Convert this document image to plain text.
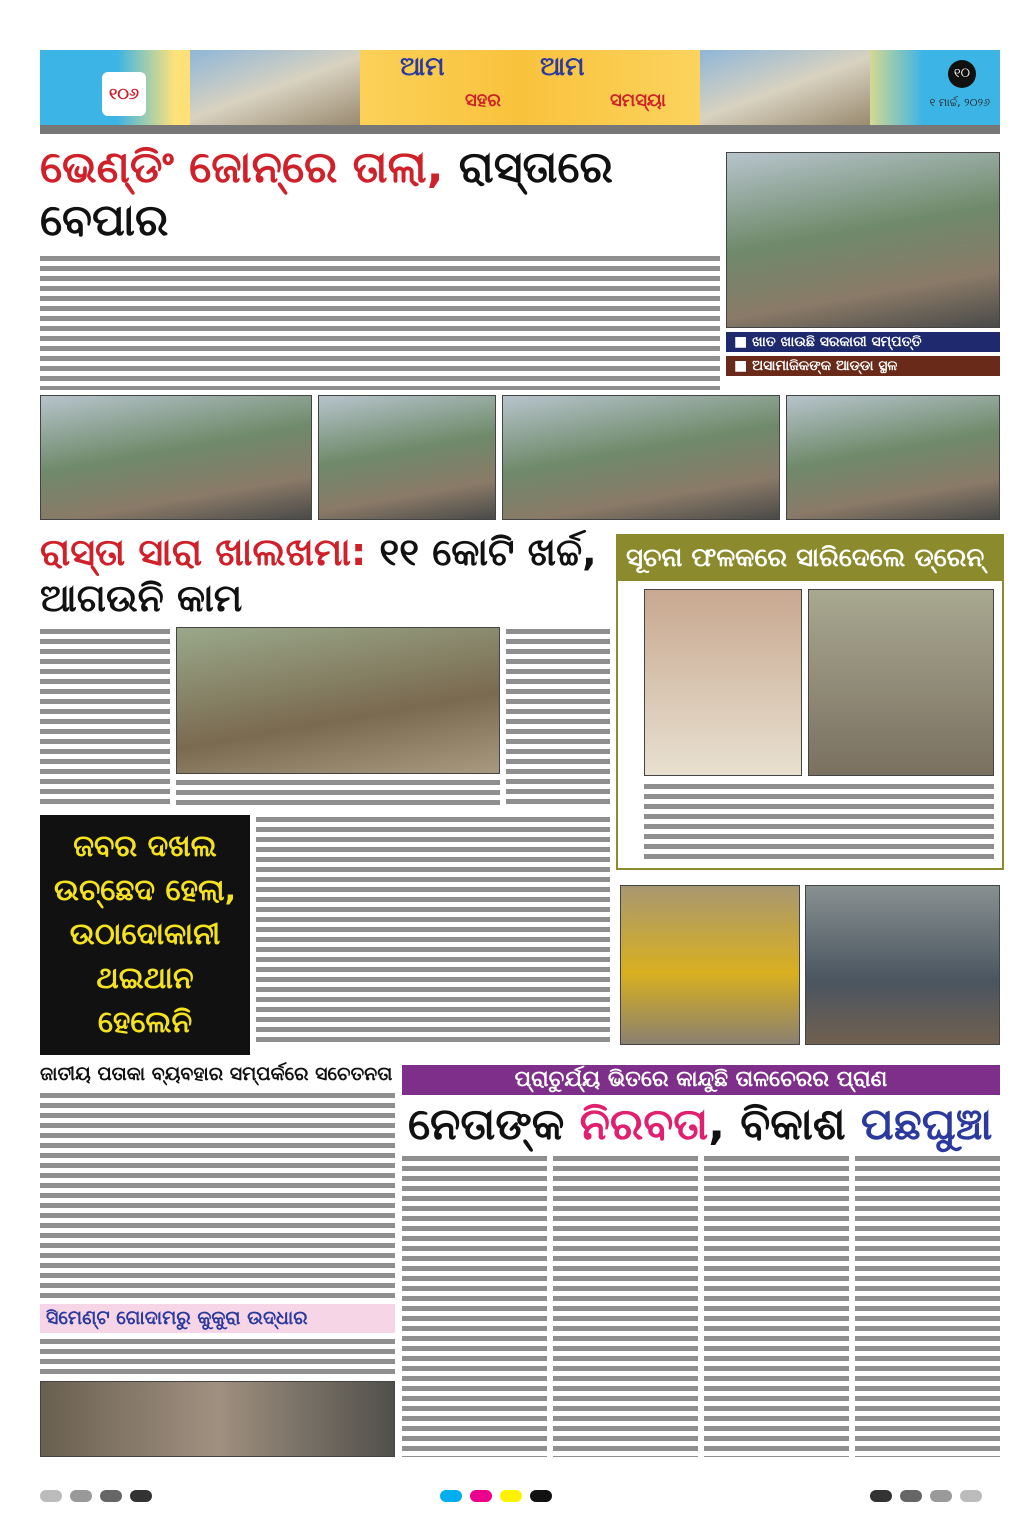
୧୦୬
ଆମ
ସହର
ଆମ
ସମସ୍ୟା
୧୦
୧ ମାର୍ଚ୍ଚ, ୨୦୨୬
ଭେଣ୍ଡିଂ ଜୋନ୍‌ରେ ତାଲା, ରାସ୍ତାରେ ବେପାର
■ ଖାତ ଖାଉଛି ସରକାରୀ ସମ୍ପତ୍ତି
■ ଅସାମାଜିକଙ୍କ ଆଡ୍ଡା ସ୍ଥଳ
ରାସ୍ତା ସାରା ଖାଲଖମା: ୧୧ କୋଟି ଖର୍ଚ୍ଚ, ଆଗଉନି କାମ
ସୂଚନା ଫଳକରେ ସାରିଦେଲେ ଡ୍ରେନ୍
ଜବର ଦଖଲ ଉଚ୍ଛେଦ ହେଲା, ଉଠାଦୋକାନୀ ଥଇଥାନ ହେଲେନି
ଜାତୀୟ ପତାକା ବ୍ୟବହାର ସମ୍ପର୍କରେ ସଚେତନତା
ସିମେଣ୍ଟ ଗୋଦାମରୁ କୁକୁରା ଉଦ୍ଧାର
ପ୍ରାଚୁର୍ଯ୍ୟ ଭିତରେ କାନ୍ଦୁଛି ତାଳଚେରର ପ୍ରାଣ
ନେତାଙ୍କ ନିରବତା, ବିକାଶ ପଛଘୁଞ୍ଚା
